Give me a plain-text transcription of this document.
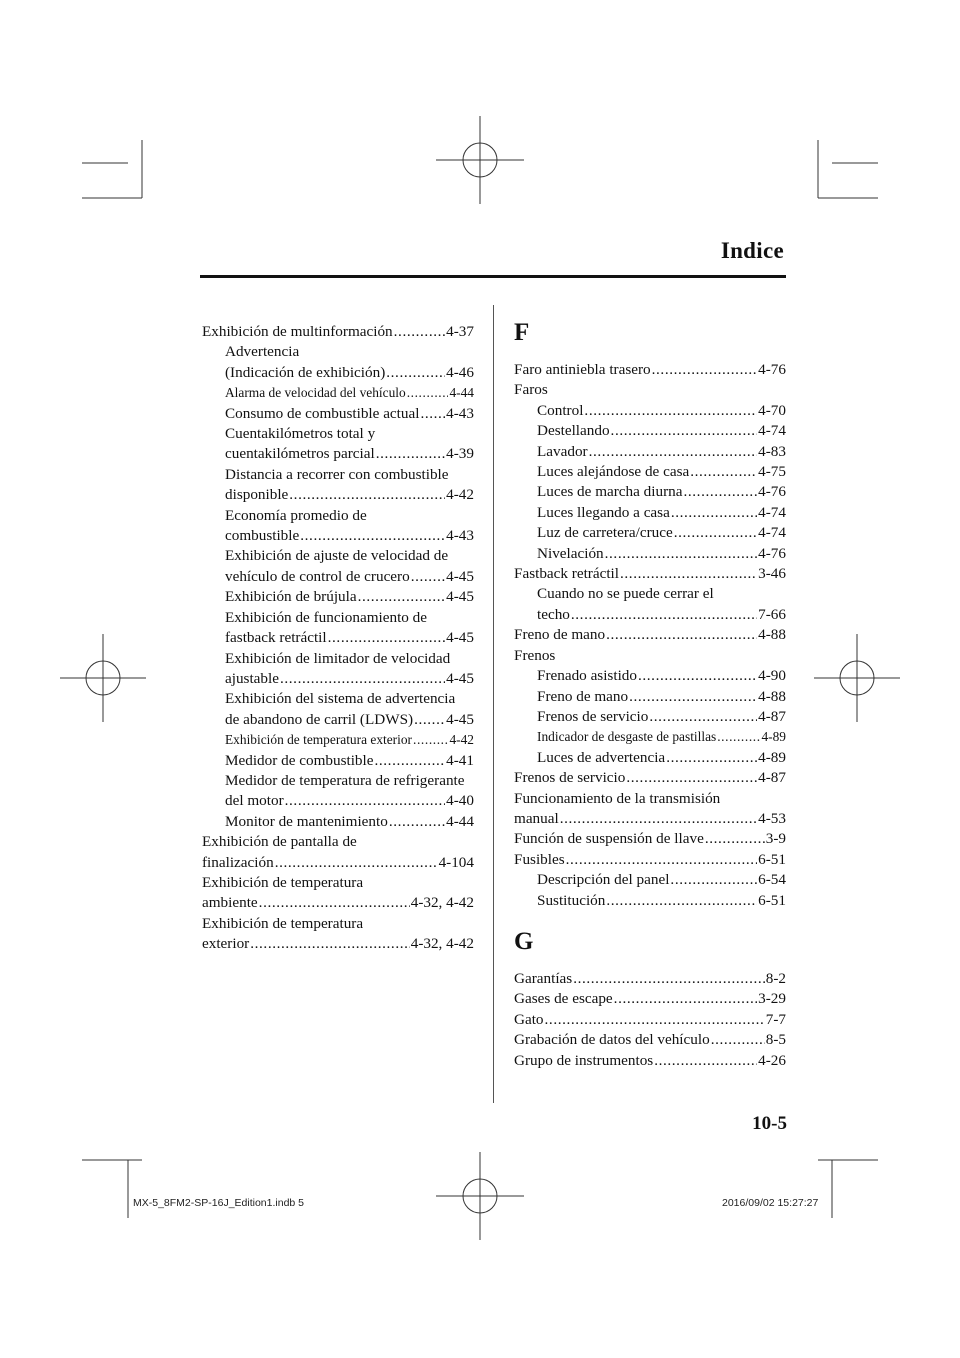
Indice
Exhibición de multinformación .....	4-37
Advertencia
(Indicación de exhibición) .....	4-46
Alarma de velocidad del vehículo .....	4-44
Consumo de combustible actual ..... 4-43
Cuentakilómetros total y
cuentakilómetros parcial .....	4-39
Distancia a recorrer con combustible
disponible .....	4-42
Economía promedio de
combustible .....	4-43
Exhibición de ajuste de velocidad de
vehículo de control de crucero ..... 4-45
Exhibición de brújula .....	4-45
Exhibición de funcionamiento de
fastback retráctil .....	4-45
Exhibición de limitador de velocidad
ajustable .....	4-45
Exhibición del sistema de advertencia
de abandono de carril (LDWS) ..... 4-45
Exhibición de temperatura exterior .....	4-42
Medidor de combustible .....	4-41
Medidor de temperatura de refrigerante
del motor .....	4-40
Monitor de mantenimiento .....	4-44
Exhibición de pantalla de
finalización .....	4-104
Exhibición de temperatura
ambiente .....	4-32, 4-42
Exhibición de temperatura
exterior .....	4-32, 4-42
F
Faro antiniebla trasero .....	4-76
Faros
Control .....	4-70
Destellando .....	4-74
Lavador .....	4-83
Luces alejándose de casa .....	4-75
Luces de marcha diurna .....	4-76
Luces llegando a casa .....	4-74
Luz de carretera/cruce .....	4-74
Nivelación .....	4-76
Fastback retráctil .....	3-46
Cuando no se puede cerrar el
techo .....	7-66
Freno de mano .....	4-88
Frenos
Frenado asistido .....	4-90
Freno de mano .....	4-88
Frenos de servicio .....	4-87
Indicador de desgaste de pastillas .....	4-89
Luces de advertencia .....	4-89
Frenos de servicio .....	4-87
Funcionamiento de la transmisión
manual .....	4-53
Función de suspensión de llave .....	3-9
Fusibles .....	6-51
Descripción del panel .....	6-54
Sustitución .....	6-51
G
Garantías .....	8-2
Gases de escape .....	3-29
Gato .....	7-7
Grabación de datos del vehículo .....	8-5
Grupo de instrumentos .....	4-26
10-5
MX-5_8FM2-SP-16J_Edition1.indb 5	2016/09/02 15:27:27
